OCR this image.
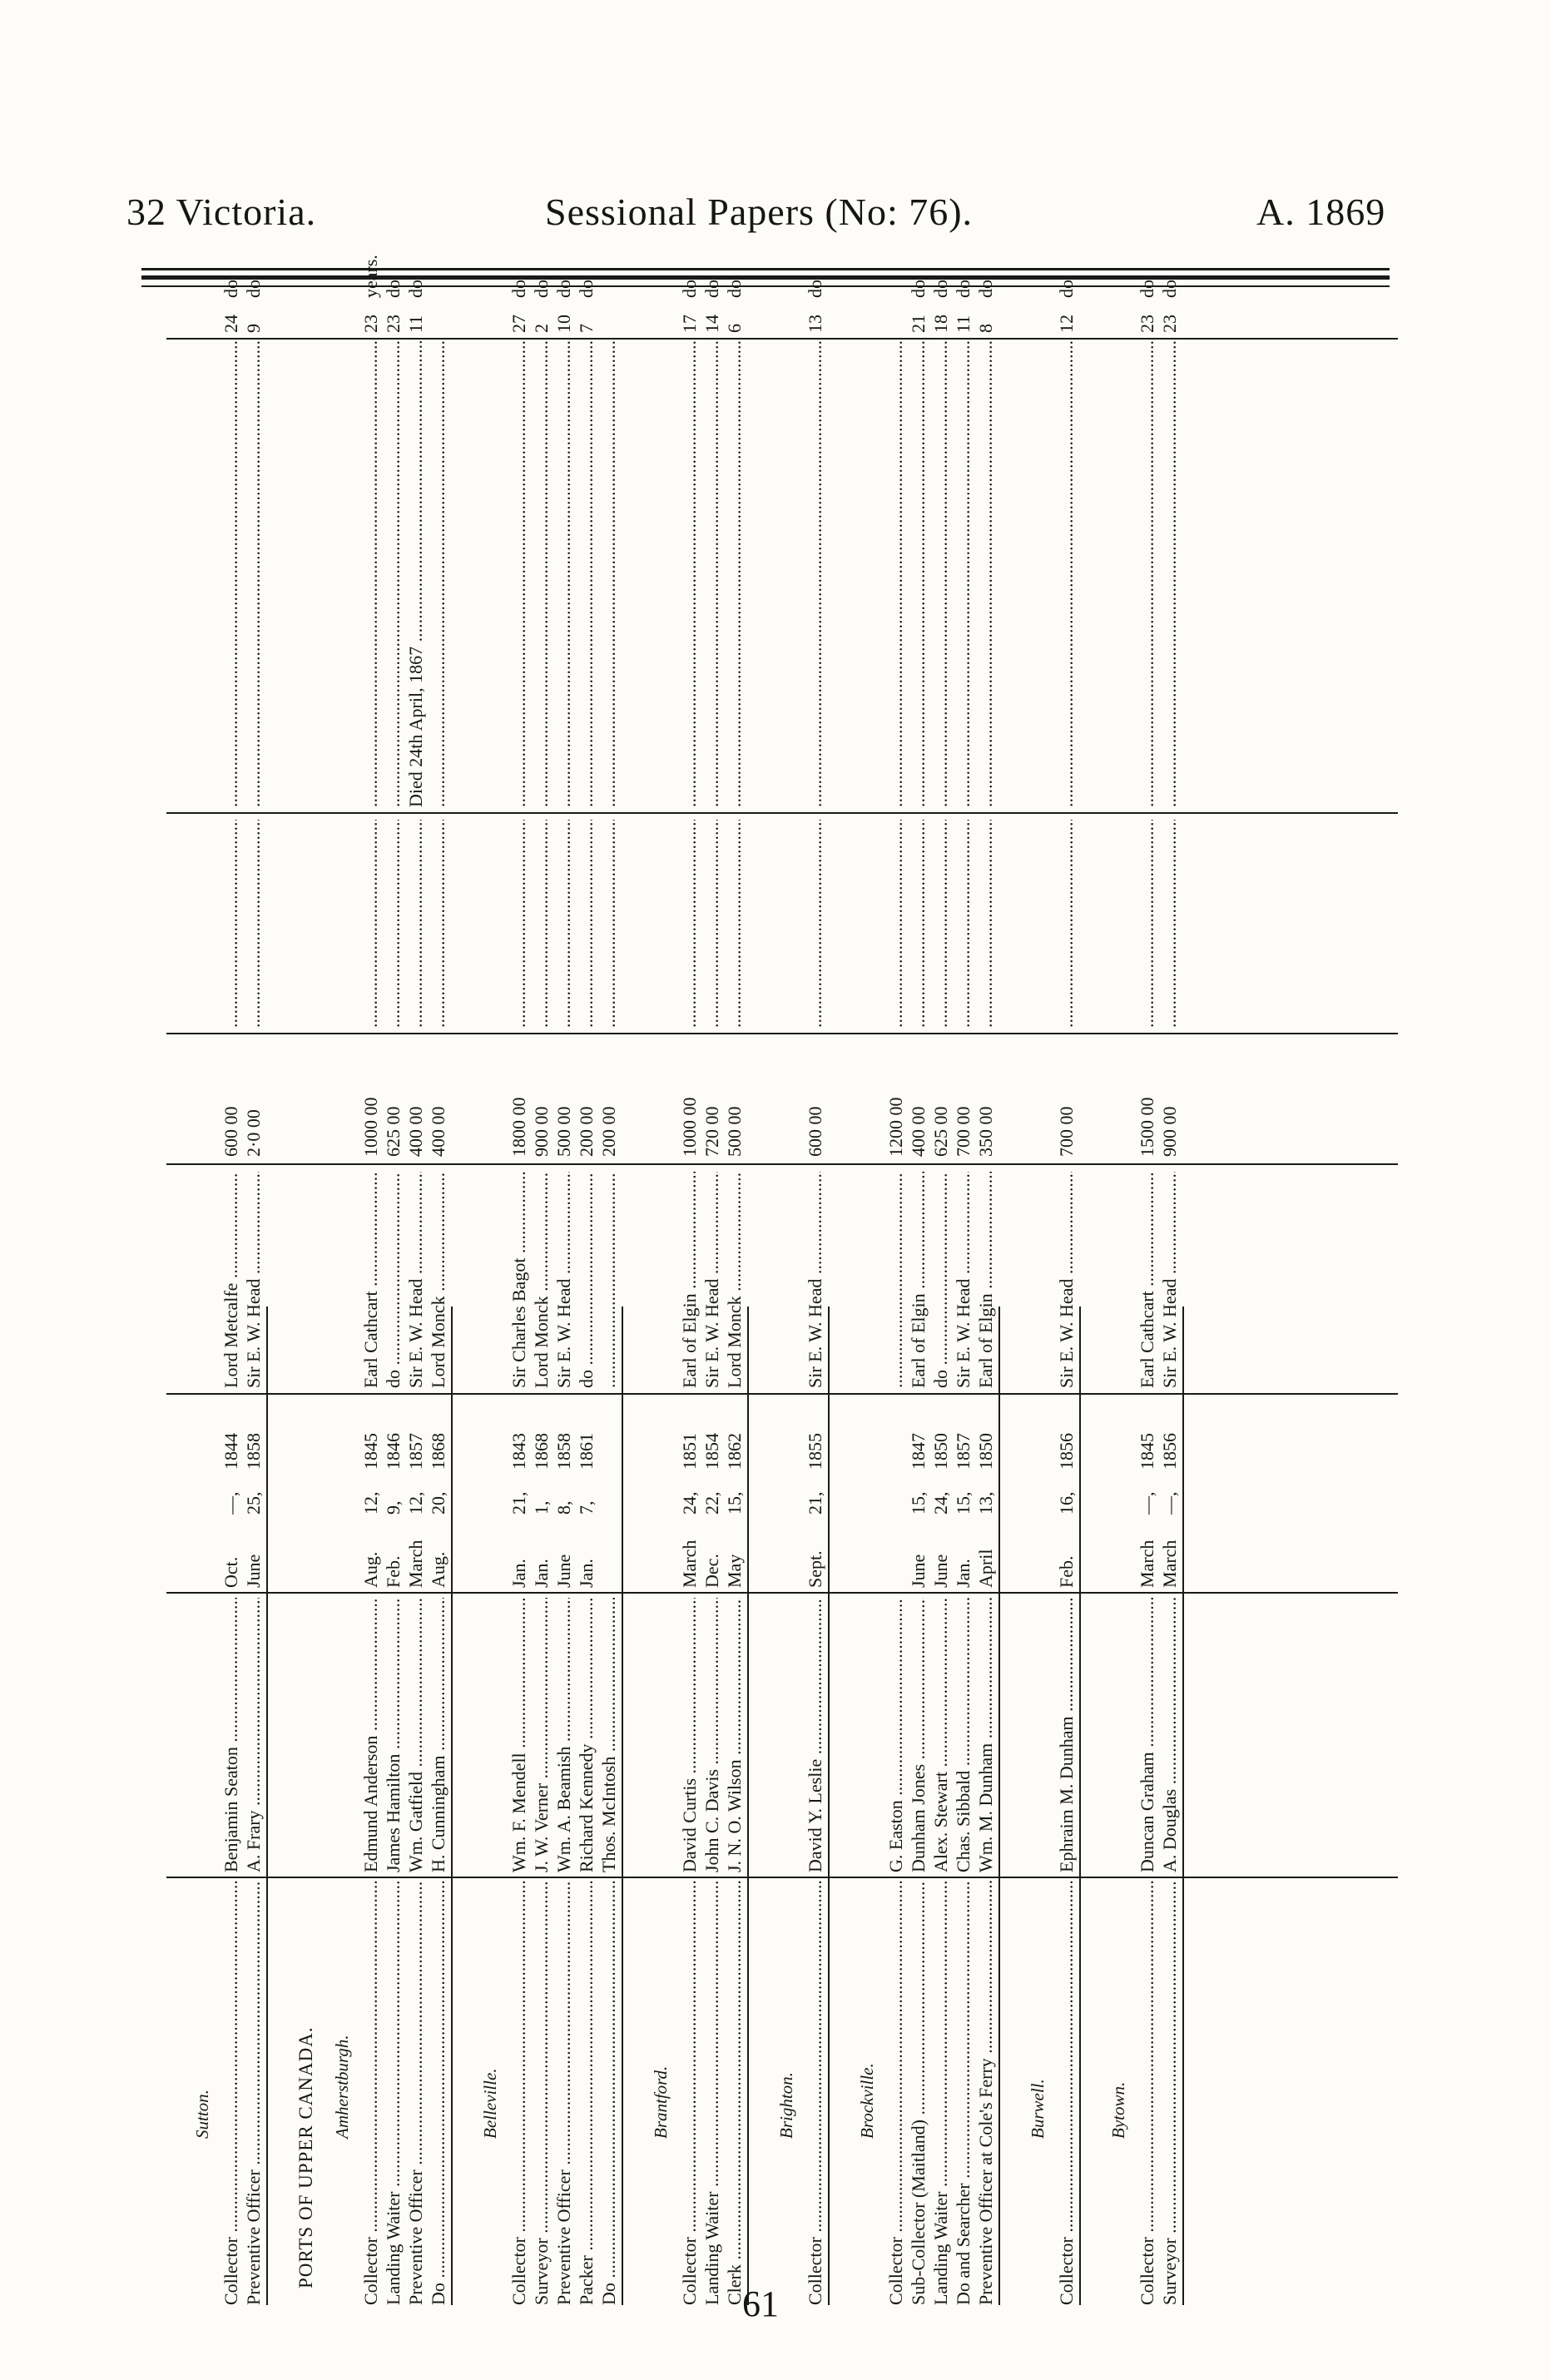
32 Victoria.	Sessional Papers (No: 76).	A. 1869
Sutton.
Collector .....
Benjamin Seaton .....
Oct.
—,
1844
Lord Metcalfe .....
600 00
.....
.....
24
do
Preventive Officer .....
A. Frary .....
June
25,
1858
Sir E. W. Head .....
2·0 00
.....
.....
9
do
PORTS OF UPPER CANADA. Amherstburgh.
Collector .....
Edmund Anderson .....
Aug.
12,
1845
Earl Cathcart .....
1000 00
.....
.....
23
years.
Landing Waiter .....
James Hamilton .....
Feb.
9,
1846
do .....
625 00
.....
.....
23
do
Preventive Officer .....
Wm. Gatfield .....
March
12,
1857
Sir E. W. Head .....
400 00
.....
Died 24th April, 1867 .....
11
do
Do .....
H. Cunningham .....
Aug.
20,
1868
Lord Monck .....
400 00
.....
.....
Belleville.
Collector .....
Wm. F. Mendell .....
Jan.
21,
1843
Sir Charles Bagot .....
1800 00
.....
.....
27
do
Surveyor .....
J. W. Verner .....
Jan.
1,
1868
Lord Monck .....
900 00
.....
.....
2
do
Preventive Officer .....
Wm. A. Beamish .....
June
8,
1858
Sir E. W. Head .....
500 00
.....
.....
10
do
Packer .....
Richard Kennedy .....
Jan.
7,
1861
do .....
200 00
.....
.....
7
do
Do .....
Thos. McIntosh .....
.....
200 00
.....
.....
Brantford.
Collector .....
David Curtis .....
March
24,
1851
Earl of Elgin .....
1000 00
.....
.....
17
do
Landing Waiter .....
John C. Davis .....
Dec.
22,
1854
Sir E. W. Head .....
720 00
.....
.....
14
do
Clerk .....
J. N. O. Wilson .....
May
15,
1862
Lord Monck .....
500 00
.....
.....
6
do
Brighton.
Collector .....
David Y. Leslie .....
Sept.
21,
1855
Sir E. W. Head .....
600 00
.....
.....
13
do
Brockville.
Collector .....
G. Easton .....
.....
1200 00
.....
.....
Sub-Collector (Maitland) .....
Dunham Jones .....
June
15,
1847
Earl of Elgin .....
400 00
.....
.....
21
do
Landing Waiter .....
Alex. Stewart .....
June
24,
1850
do .....
625 00
.....
.....
18
do
Do and Searcher .....
Chas. Sibbald .....
Jan.
15,
1857
Sir E. W. Head .....
700 00
.....
.....
11
do
Preventive Officer at Cole's Ferry .....
Wm. M. Dunham .....
April
13,
1850
Earl of Elgin .....
350 00
.....
.....
8
do
Burwell.
Collector .....
Ephraim M. Dunham .....
Feb.
16,
1856
Sir E. W. Head .....
700 00
.....
.....
12
do
Bytown.
Collector .....
Duncan Graham .....
March
—,
1845
Earl Cathcart .....
1500 00
.....
.....
23
do
Surveyor .....
A. Douglas .....
March
—,
1856
Sir E. W. Head .....
900 00
.....
.....
23
do
61
